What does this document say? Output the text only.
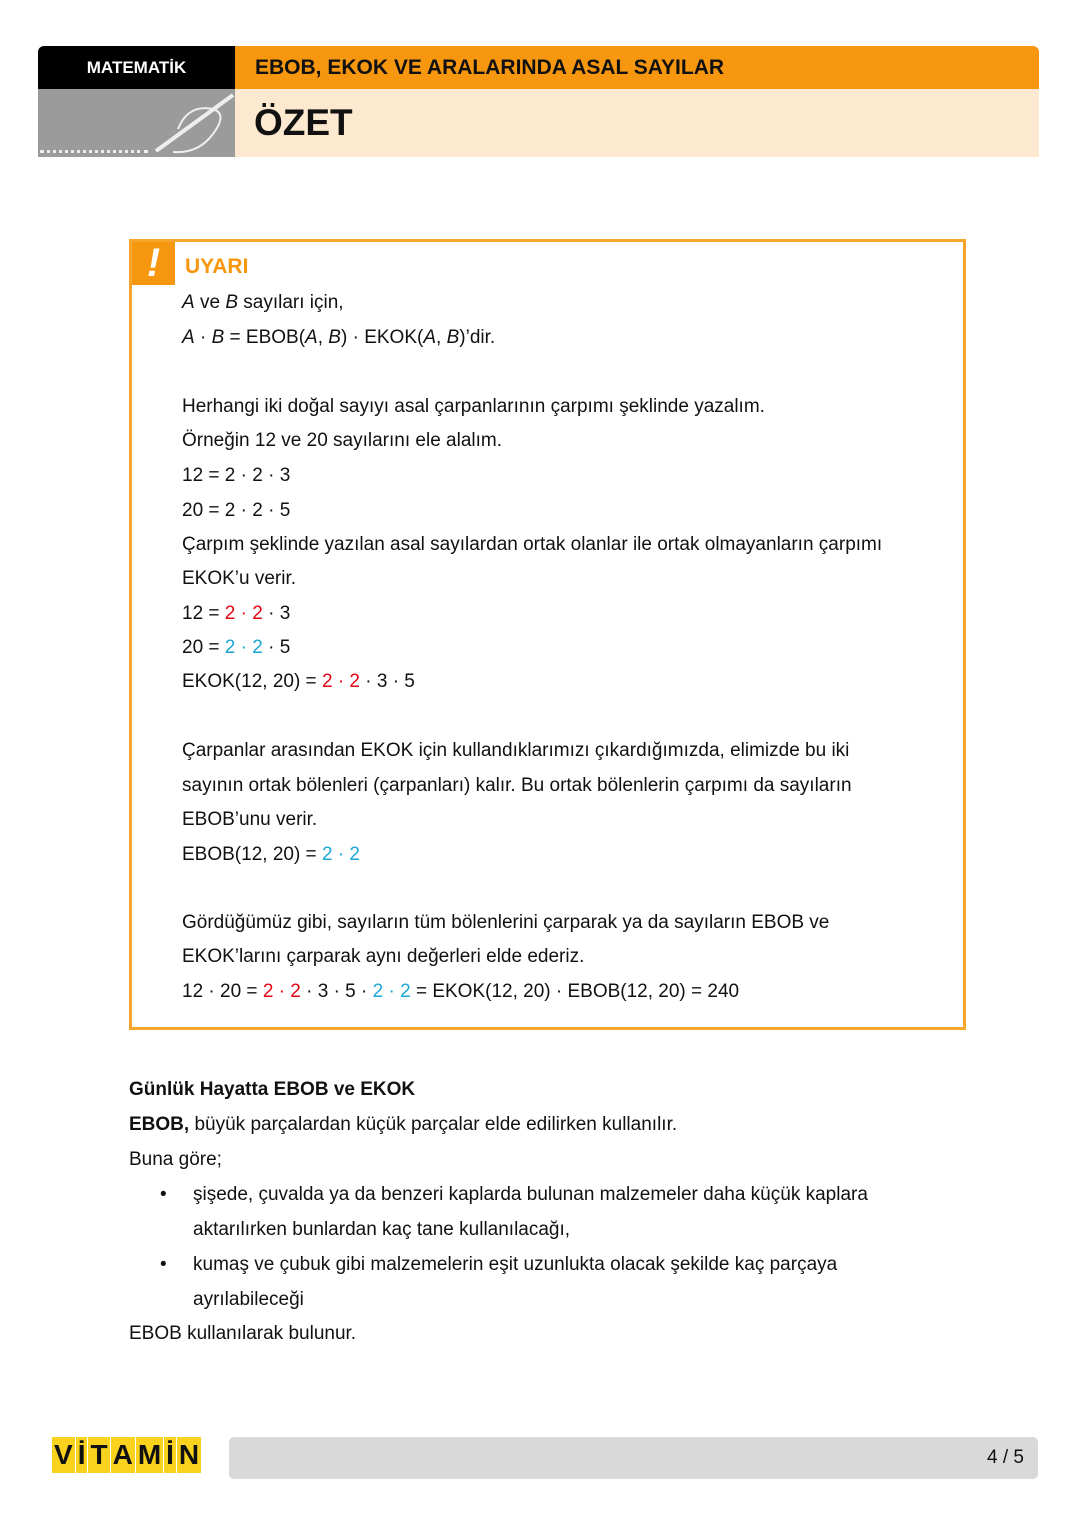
MATEMATİK	EBOB, EKOK VE ARALARINDA ASAL SAYILAR
ÖZET
!	UYARI
A ve B sayıları için,
A · B = EBOB(A, B) · EKOK(A, B)’dir.
Herhangi iki doğal sayıyı asal çarpanlarının çarpımı şeklinde yazalım.
Örneğin 12 ve 20 sayılarını ele alalım.
12 = 2 · 2 · 3
20 = 2 · 2 · 5
Çarpım şeklinde yazılan asal sayılardan ortak olanlar ile ortak olmayanların çarpımı
EKOK’u verir.
12 = 2 · 2 · 3
20 = 2 · 2 · 5
EKOK(12, 20) = 2 · 2 · 3 · 5
Çarpanlar arasından EKOK için kullandıklarımızı çıkardığımızda, elimizde bu iki
sayının ortak bölenleri (çarpanları) kalır. Bu ortak bölenlerin çarpımı da sayıların
EBOB’unu verir.
EBOB(12, 20) = 2 · 2
Gördüğümüz gibi, sayıların tüm bölenlerini çarparak ya da sayıların EBOB ve
EKOK’larını çarparak aynı değerleri elde ederiz.
12 · 20 = 2 · 2 · 3 · 5 · 2 · 2 = EKOK(12, 20) · EBOB(12, 20) = 240
Günlük Hayatta EBOB ve EKOK
EBOB, büyük parçalardan küçük parçalar elde edilirken kullanılır.
Buna göre;
• şişede, çuvalda ya da benzeri kaplarda bulunan malzemeler daha küçük kaplara
aktarılırken bunlardan kaç tane kullanılacağı,
• kumaş ve çubuk gibi malzemelerin eşit uzunlukta olacak şekilde kaç parçaya
ayrılabileceği
EBOB kullanılarak bulunur.
V İ T A M İ N	4 / 5
